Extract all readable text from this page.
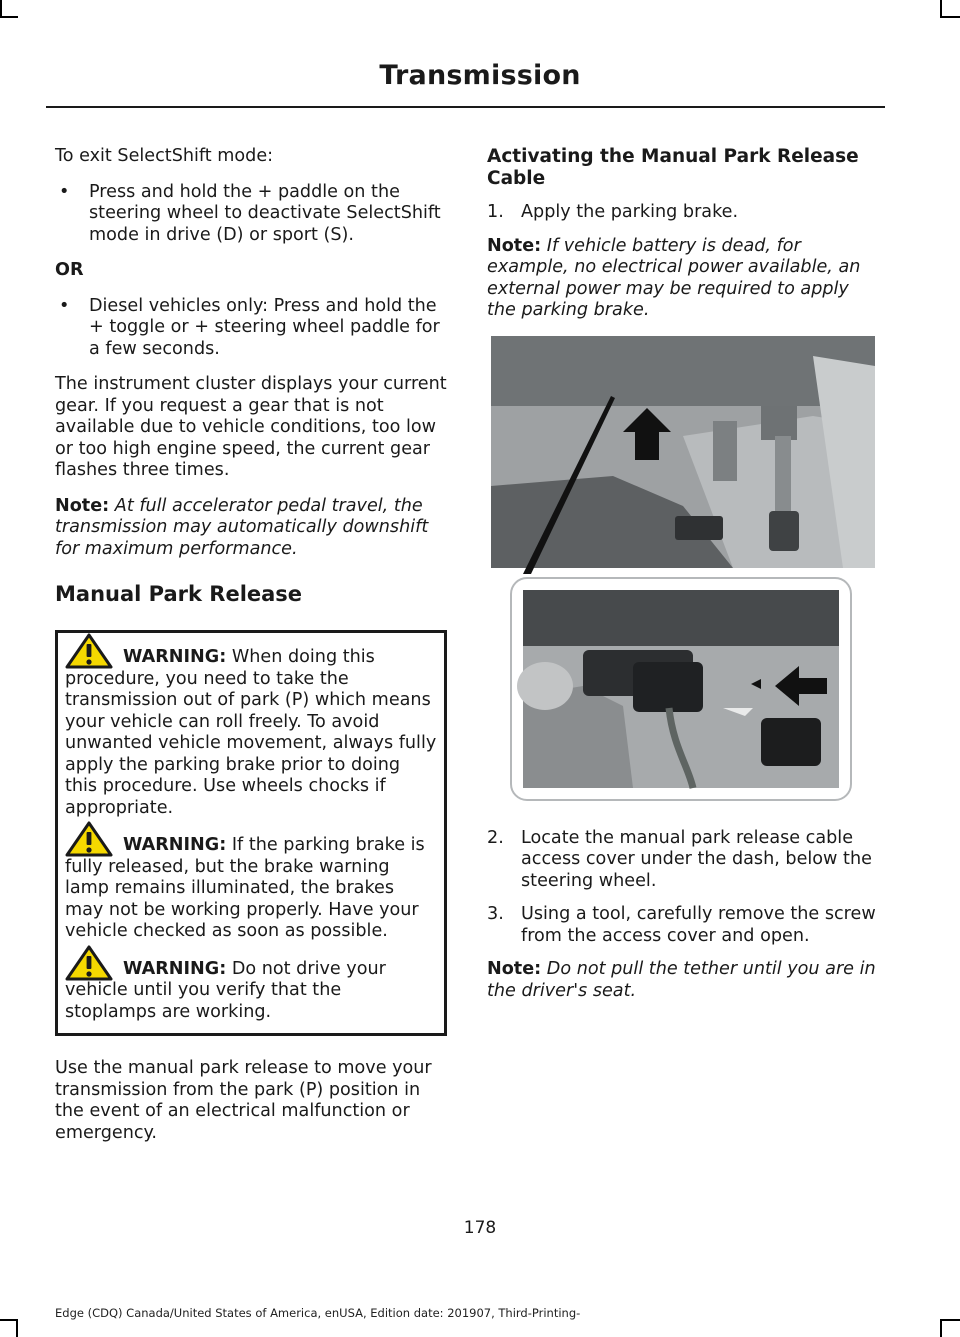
Transmission

To exit SelectShift mode:

• Press and hold the + paddle on the steering wheel to deactivate SelectShift mode in drive (D) or sport (S).

OR

• Diesel vehicles only: Press and hold the + toggle or + steering wheel paddle for a few seconds.

The instrument cluster displays your current gear. If you request a gear that is not available due to vehicle conditions, too low or too high engine speed, the current gear flashes three times.

Note: At full accelerator pedal travel, the transmission may automatically downshift for maximum performance.

Manual Park Release

WARNING: When doing this procedure, you need to take the transmission out of park (P) which means your vehicle can roll freely. To avoid unwanted vehicle movement, always fully apply the parking brake prior to doing this procedure. Use wheels chocks if appropriate.

WARNING: If the parking brake is fully released, but the brake warning lamp remains illuminated, the brakes may not be working properly. Have your vehicle checked as soon as possible.

WARNING: Do not drive your vehicle until you verify that the stoplamps are working.

Use the manual park release to move your transmission from the park (P) position in the event of an electrical malfunction or emergency.

Activating the Manual Park Release Cable
1. Apply the parking brake.

Note: If vehicle battery is dead, for example, no electrical power available, an external power may be required to apply the parking brake.

2. Locate the manual park release cable access cover under the dash, below the steering wheel.
3. Using a tool, carefully remove the screw from the access cover and open.

Note: Do not pull the tether until you are in the driver's seat.

178
Edge (CDQ) Canada/United States of America, enUSA, Edition date: 201907, Third-Printing-
